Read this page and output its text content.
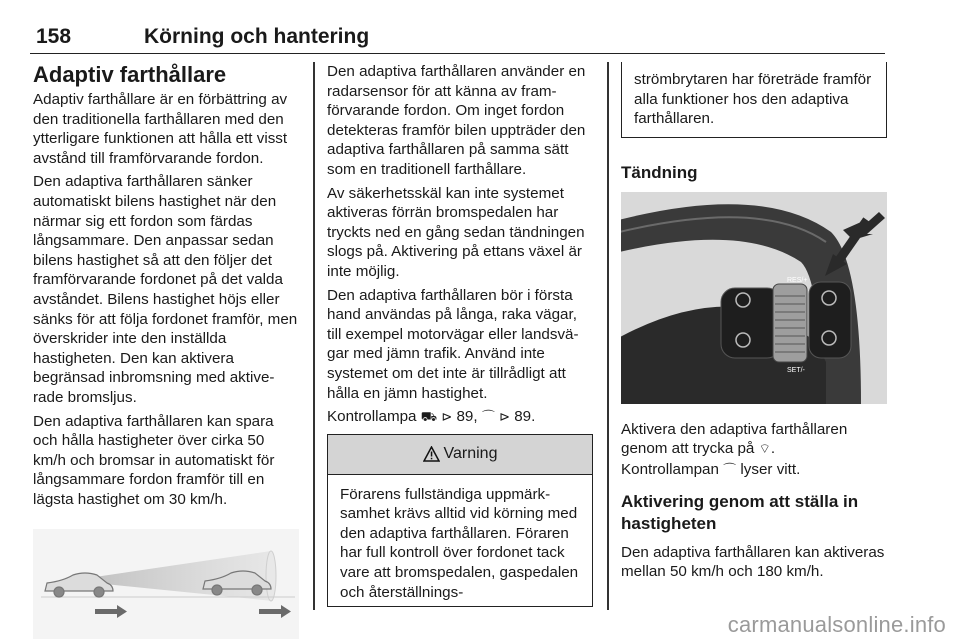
158	Körning och hantering
Adaptiv farthållare

Adaptiv farthållare är en förbättring av den traditionella farthållaren med den ytterligare funktionen att hålla ett visst avstånd till framförvarande fordon.

Den adaptiva farthållaren sänker automatiskt bilens hastighet när den närmar sig ett fordon som färdas långsammare. Den anpassar sedan bilens hastighet så att den följer det framförvarande fordonet på det valda avståndet. Bilens hastighet höjs eller sänks för att följa fordonet framför, men överskrider inte den inställda hastigheten. Den kan aktivera begränsad inbromsning med aktiverade bromsljus.

Den adaptiva farthållaren kan spara och hålla hastigheter över cirka 50 km/h och bromsar in automatiskt för långsammare fordon framför till en lägsta hastighet om 30 km/h.

Den adaptiva farthållaren använder en radarsensor för att känna av framförvarande fordon. Om inget fordon detekteras framför bilen uppträder den adaptiva farthållaren på samma sätt som en traditionell farthållare.

Av säkerhetsskäl kan inte systemet aktiveras förrän bromspedalen har tryckts ned en gång sedan tändningen slogs på. Aktivering på ettans växel är inte möjlig.

Den adaptiva farthållaren bör i första hand användas på långa, raka vägar, till exempel motorvägar eller landsvägar med jämn trafik. Använd inte systemet om det inte är tillrådligt att hålla en jämn hastighet.

Kontrollampa ⛟ ⊳ 89, ⌒ ⊳ 89.

Varning

Förarens fullständiga uppmärksamhet krävs alltid vid körning med den adaptiva farthållaren. Föraren har full kontroll över fordonet tack vare att bromspedalen, gaspedalen och återställnings-

strömbrytaren har företräde framför alla funktioner hos den adaptiva farthållaren.

Tändning
RES/+
SET/-

Aktivera den adaptiva farthållaren genom att trycka på ⌔.
Kontrollampan ⌒ lyser vitt.

Aktivering genom att ställa in hastigheten

Den adaptiva farthållaren kan aktiveras mellan 50 km/h och 180 km/h.

carmanualsonline.info
